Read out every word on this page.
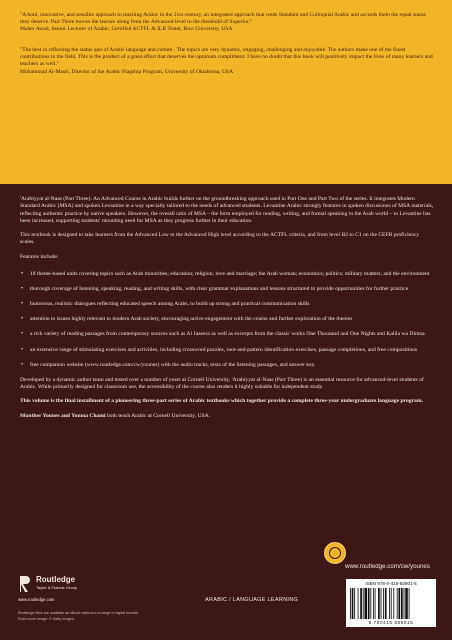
"A bold, innovative, and sensible approach to teaching Arabic in the 21st century, an integrated approach that weds Standard and Colloquial Arabic and accords them the equal status they deserve. Part Three moves the learner along from the Advanced level to the threshold of Superior."
Maher Awad, Senior Lecturer of Arabic, Certified ACTFL & ILR Tester, Rice University, USA

"The best in reflecting the status quo of Arabic language and culture . The topics are very dynamic, engaging, challenging and enjoyable. The authors make one of the finest contributions to the field. This is the product of a great effort that deserves the optimum compliment. I have no doubt that this book will positively impact the lives of many learners and teachers as well."
Mohammad Al-Masri, Director of the Arabic Flagship Program, University of Oklahoma, USA

'Arabiyyat al-Naas (Part Three): An Advanced Course in Arabic builds further on the groundbreaking approach used in Part One and Part Two of the series. It integrates Modern Standard Arabic (MSA) and spoken Levantine in a way specially tailored to the needs of advanced students. Levantine Arabic strongly features in spoken discussions of MSA materials, reflecting authentic practice by native speakers. However, the overall ratio of MSA – the form employed for reading, writing, and formal speaking in the Arab world – to Levantine has been increased, supporting students' mounting need for MSA as they progress further in their education.

This textbook is designed to take learners from the Advanced Low to the Advanced High level according to the ACTFL criteria, and from level B2 to C1 on the CEFR proficiency scales.

Features include:

• 18 theme-based units covering topics such as Arab minorities; education; religion; love and marriage; the Arab woman; economics; politics; military matters; and the environment
• thorough coverage of listening, speaking, reading, and writing skills, with clear grammar explanations and lessons structured to provide opportunities for further practice
• humorous, realistic dialogues reflecting educated speech among Arabs, to build up strong and practical communication skills
• attention to issues highly relevant to modern Arab society, encouraging active engagement with the course and further exploration of the themes
• a rich variety of reading passages from contemporary sources such as Al Jazeera as well as excerpts from the classic works One Thousand and One Nights and Kalila wa Dimna
• an extensive range of stimulating exercises and activities, including crossword puzzles, root-and-pattern identification exercises, passage completions, and free compositions
• free companion website (www.routledge.com/cw/younes) with the audio tracks, texts of the listening passages, and answer key.

Developed by a dynamic author team and tested over a number of years at Cornell University, 'Arabiyyat al-Naas (Part Three) is an essential resource for advanced-level students of Arabic. While primarily designed for classroom use, the accessibility of the course also renders it highly suitable for independent study.

This volume is the final installment of a pioneering three-part series of Arabic textbooks which together provide a complete three-year undergraduate language program.

Munther Younes and Yomna Chami both teach Arabic at Cornell University, USA.

www.routledge.com/cw/younes
Routledge
Taylor & Francis Group
www.routledge.com
Routledge titles are available as eBook editions in a range of digital formats
Front cover image: © Getty Images
ARABIC / LANGUAGE LEARNING
ISBN 978-0-415-50901-5
9 780415 509015
